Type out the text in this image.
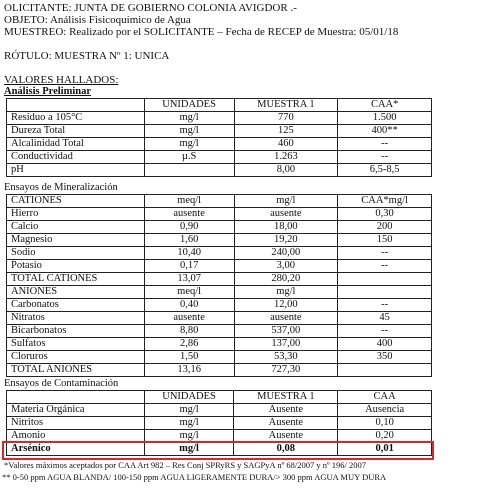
OLICITANTE: JUNTA DE GOBIERNO COLONIA AVIGDOR .-
OBJETO: Análisis Fisicoquímico de Agua
MUESTREO: Realizado por el SOLICITANTE – Fecha de RECEP de Muestra: 05/01/18
RÓTULO: MUESTRA Nº 1: UNICA
VALORES HALLADOS:
Análisis Preliminar
	UNIDADES	MUESTRA 1	CAA*
Residuo a 105°C	mg/l	770	1.500
Dureza Total	mg/l	125	400**
Alcalinidad Total	mg/l	460	--
Conductividad	µ.S	1.263	--
pH		8,00	6,5-8,5
Ensayos de Mineralización
CATIONES	meq/l	mg/l	CAA*mg/l
Hierro	ausente	ausente	0,30
Calcio	0,90	18,00	200
Magnesio	1,60	19,20	150
Sodio	10,40	240,00	--
Potasio	0,17	3,00	--
TOTAL CATIONES	13,07	280,20	
ANIONES	meq/l	mg/l	
Carbonatos	0,40	12,00	--
Nitratos	ausente	ausente	45
Bicarbonatos	8,80	537,00	--
Sulfatos	2,86	137,00	400
Cloruros	1,50	53,30	350
TOTAL ANIONES	13,16	727,30	
Ensayos de Contaminación
	UNIDADES	MUESTRA 1	CAA
Materia Orgánica	mg/l	Ausente	Ausencia
Nitritos	mg/l	Ausente	0,10
Amonio	mg/l	Ausente	0,20
Arsénico	mg/l	0,08	0,01
*Valores máximos aceptados por CAA Art 982 – Res Conj SPRyRS y SAGPyA nº 68/2007 y nº 196/ 2007
** 0-50 ppm AGUA BLANDA/ 100-150 ppm AGUA LIGERAMENTE DURA/> 300 ppm AGUA MUY DURA
